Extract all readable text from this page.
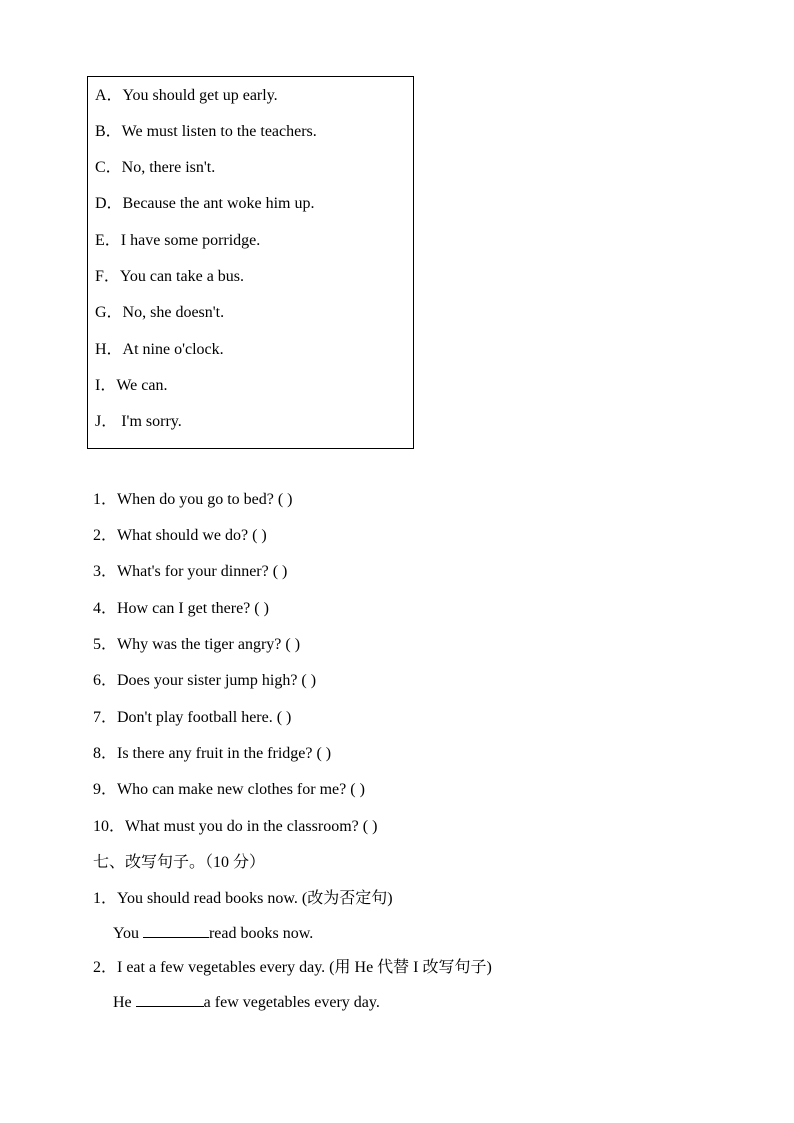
A．You should get up early.
B．We must listen to the teachers.
C．No, there isn't.
D．Because the ant woke him up.
E．I have some porridge.
F．You can take a bus.
G．No, she doesn't.
H．At nine o'clock.
I．We can.
J． I'm sorry.
1．When do you go to bed? ( )
2．What should we do? ( )
3．What's for your dinner? ( )
4．How can I get there? ( )
5．Why was the tiger angry? ( )
6．Does your sister jump high? ( )
7．Don't play football here. ( )
8．Is there any fruit in the fridge? ( )
9．Who can make new clothes for me? ( )
10．What must you do in the classroom? ( )
七、改写句子。（10 分）
1．You should read books now. (改为否定句)
You	read books now.
2．I eat a few vegetables every day. (用 He 代替 I 改写句子)
He	a few vegetables every day.
